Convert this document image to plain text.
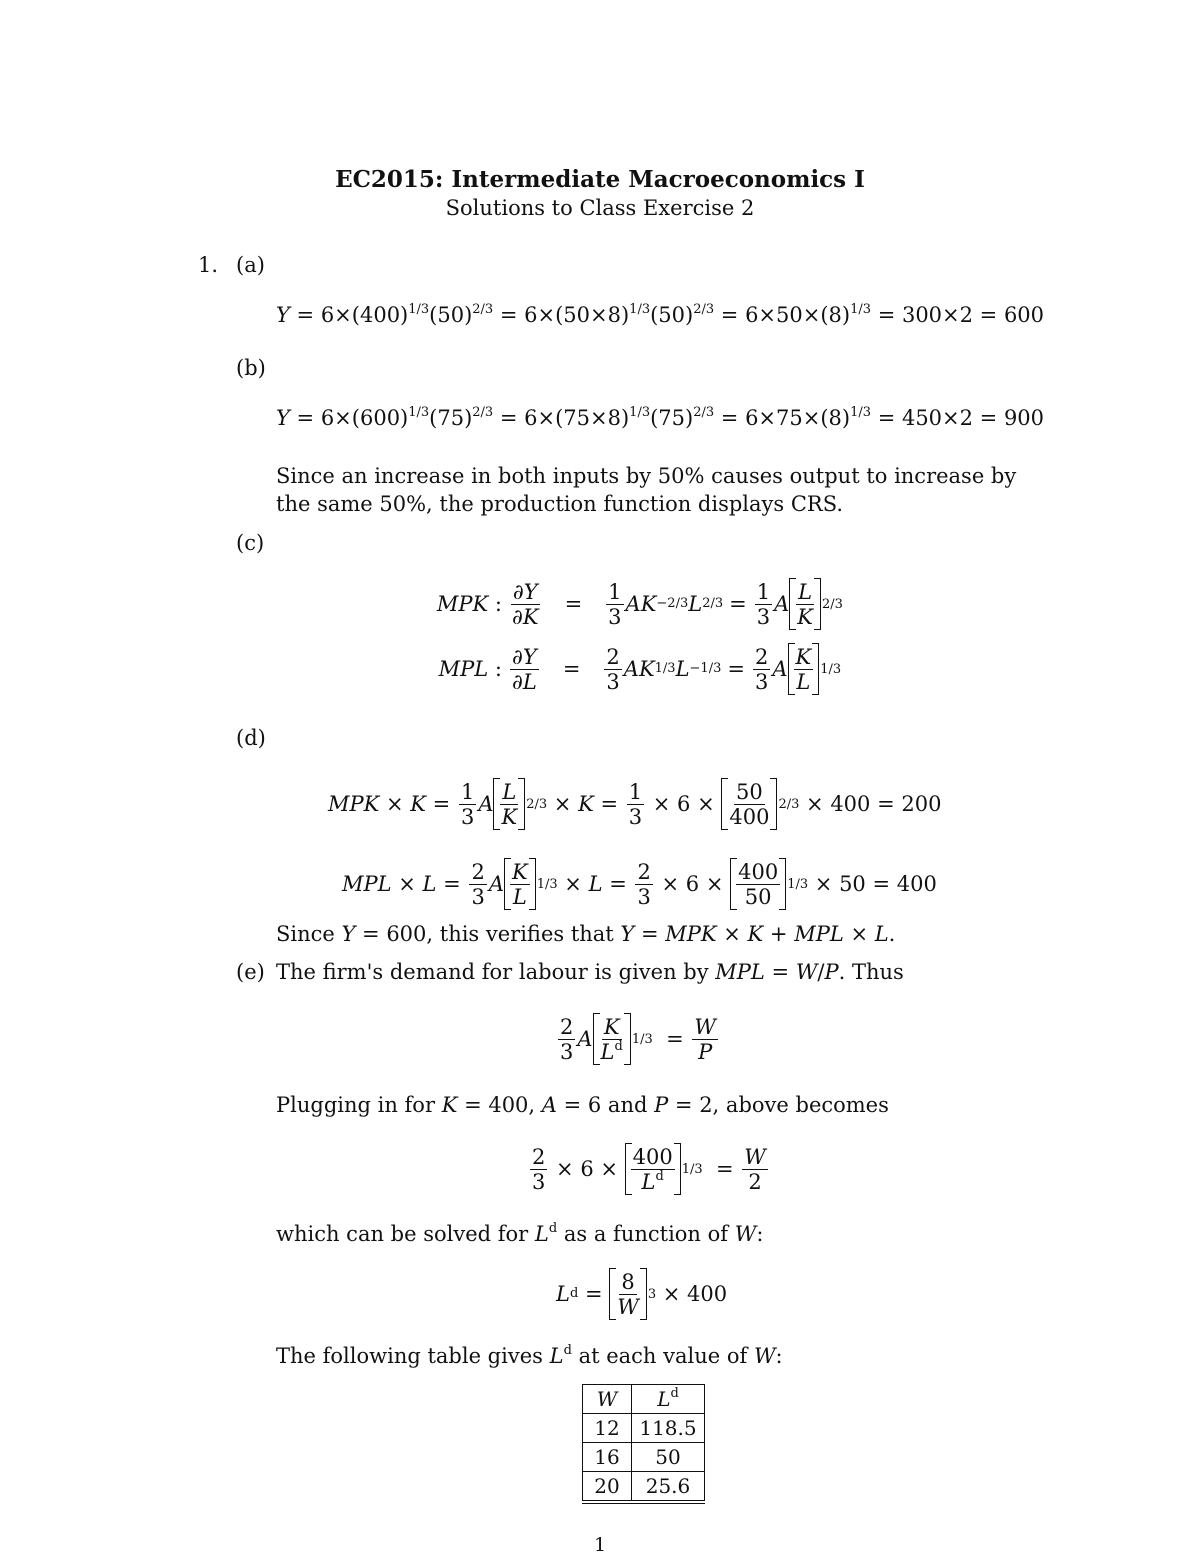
EC2015: Intermediate Macroeconomics I
Solutions to Class Exercise 2
1. (a)
$Y = 6\times(400)^{1/3}(50)^{2/3} = 6\times(50\times 8)^{1/3}(50)^{2/3} = 6\times 50\times(8)^{1/3} = 300\times 2 = 600$
(b)
$Y = 6\times(600)^{1/3}(75)^{2/3} = 6\times(75\times 8)^{1/3}(75)^{2/3} = 6\times 75\times(8)^{1/3} = 450\times 2 = 900$
Since an increase in both inputs by 50% causes output to increase by the same 50%, the production function displays CRS.
(c)
MPK : $\frac{\partial Y}{\partial K} = \frac{1}{3}$ AK −2/3 L $2/3 = \frac{1}{3}$ A $\frac{L}{K} 2/3$
MPL : $\frac{\partial Y}{\partial L} = \frac{2}{3}$ AK 1/3 $L -1/3 = \frac{2}{3}$ A $\frac{K}{L} 1/3$
(d)
MPK × $K = \frac{1}{3}$ A $\frac{L}{K} 2/3 \times K = \frac{1}{3} \times 6 \times \frac{50}{400} 2/3 \times 400 = 200$
MPL × $L = \frac{2}{3}$ A $\frac{K}{L} 1/3 \times L = \frac{2}{3} \times 6 \times \frac{400}{50} 1/3 \times 50 = 400$
Since Y = 600, this verifies that Y = MPK × K + MPL × L.
(e) The firm's demand for labour is given by MPL = W/P. Thus
$\frac{2}{3}$ A $\frac{K}{L^d} 1/3 = \frac{W}{P}$
Plugging in for K = 400, A = 6 and P = 2, above becomes
$\frac{2}{3} \times 6 \times \frac{400}{L^d} 1/3 = \frac{W}{2}$
which can be solved for $L^d$ as a function of W:
L $d = \frac{8}{W} 3 \times 400$
The following table gives $L^d$ at each value of W:
W	$L^d$
12	118.5
16	50
20	25.6
1
